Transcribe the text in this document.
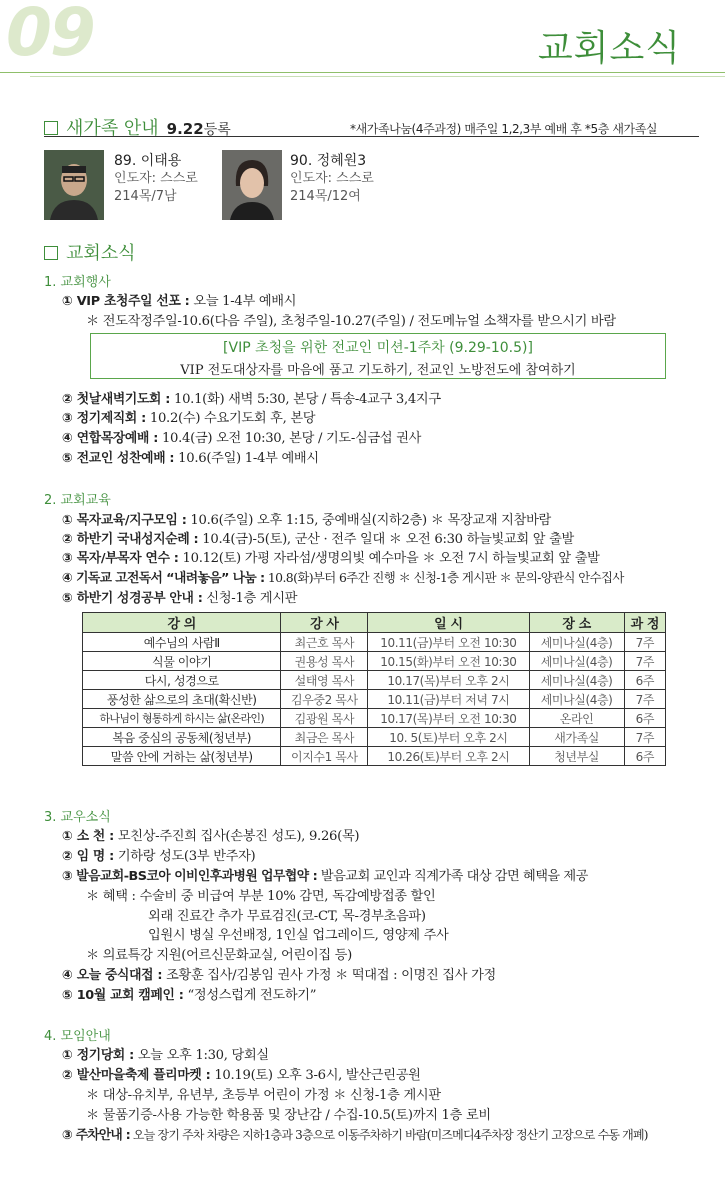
09	교회소식
새가족 안내 9.22등록	*새가족나눔(4주과정) 매주일 1,2,3부 예배 후 *5층 새가족실
89. 이태용
인도자: 스스로
214목/7남
90. 정혜원3
인도자: 스스로
214목/12여
교회소식
1. 교회행사
① VIP 초청주일 선포 : 오늘 1-4부 예배시
＊ 전도작정주일-10.6(다음 주일), 초청주일-10.27(주일) / 전도메뉴얼 소책자를 받으시기 바람
[VIP 초청을 위한 전교인 미션-1주차 (9.29-10.5)]
VIP 전도대상자를 마음에 품고 기도하기, 전교인 노방전도에 참여하기
② 첫날새벽기도회 : 10.1(화) 새벽 5:30, 본당 / 특송-4교구 3,4지구
③ 정기제직회 : 10.2(수) 수요기도회 후, 본당
④ 연합목장예배 : 10.4(금) 오전 10:30, 본당 / 기도-심금섭 권사
⑤ 전교인 성찬예배 : 10.6(주일) 1-4부 예배시
2. 교회교육
① 목자교육/지구모임 : 10.6(주일) 오후 1:15, 중예배실(지하2층) ＊ 목장교재 지참바람
② 하반기 국내성지순례 : 10.4(금)-5(토), 군산 · 전주 일대 ＊ 오전 6:30 하늘빛교회 앞 출발
③ 목자/부목자 연수 : 10.12(토) 가평 자라섬/생명의빛 예수마을 ＊ 오전 7시 하늘빛교회 앞 출발
④ 기독교 고전독서 “내려놓음” 나눔 : 10.8(화)부터 6주간 진행 ＊ 신청-1층 게시판 ＊ 문의-양관식 안수집사
⑤ 하반기 성경공부 안내 : 신청-1층 게시판
강 의	강 사	일 시	장 소	과 정
예수님의 사람Ⅱ	최근호 목사	10.11(금)부터 오전 10:30	세미나실(4층)	7주
식물 이야기	권용성 목사	10.15(화)부터 오전 10:30	세미나실(4층)	7주
다시, 성경으로	설태영 목사	10.17(목)부터 오후 2시	세미나실(4층)	6주
풍성한 삶으로의 초대(확신반)	김우중2 목사	10.11(금)부터 저녁 7시	세미나실(4층)	7주
하나님이 형통하게 하시는 삶(온라인)	김광원 목사	10.17(목)부터 오전 10:30	온라인	6주
복음 중심의 공동체(청년부)	최금은 목사	10. 5(토)부터 오후 2시	새가족실	7주
말씀 안에 거하는 삶(청년부)	이지수1 목사	10.26(토)부터 오후 2시	청년부실	6주
3. 교우소식
① 소 천 : 모친상-주진희 집사(손봉진 성도), 9.26(목)
② 임 명 : 기하랑 성도(3부 반주자)
③ 발음교회-BS코아 이비인후과병원 업무협약 : 발음교회 교인과 직계가족 대상 감면 혜택을 제공
＊ 혜택 : 수술비 중 비급여 부분 10% 감면, 독감예방접종 할인
외래 진료간 추가 무료검진(코-CT, 목-경부초음파)
입원시 병실 우선배정, 1인실 업그레이드, 영양제 주사
＊ 의료특강 지원(어르신문화교실, 어린이집 등)
④ 오늘 중식대접 : 조황훈 집사/김봉임 권사 가정 ＊ 떡대접 : 이명진 집사 가정
⑤ 10월 교회 캠페인 : “정성스럽게 전도하기”
4. 모임안내
① 정기당회 : 오늘 오후 1:30, 당회실
② 발산마을축제 플리마켓 : 10.19(토) 오후 3-6시, 발산근린공원
＊ 대상-유치부, 유년부, 초등부 어린이 가정 ＊ 신청-1층 게시판
＊ 물품기증-사용 가능한 학용품 및 장난감 / 수집-10.5(토)까지 1층 로비
③ 주차안내 : 오늘 장기 주차 차량은 지하1층과 3층으로 이동주차하기 바람(미즈메디4주차장 정산기 고장으로 수동 개폐)
